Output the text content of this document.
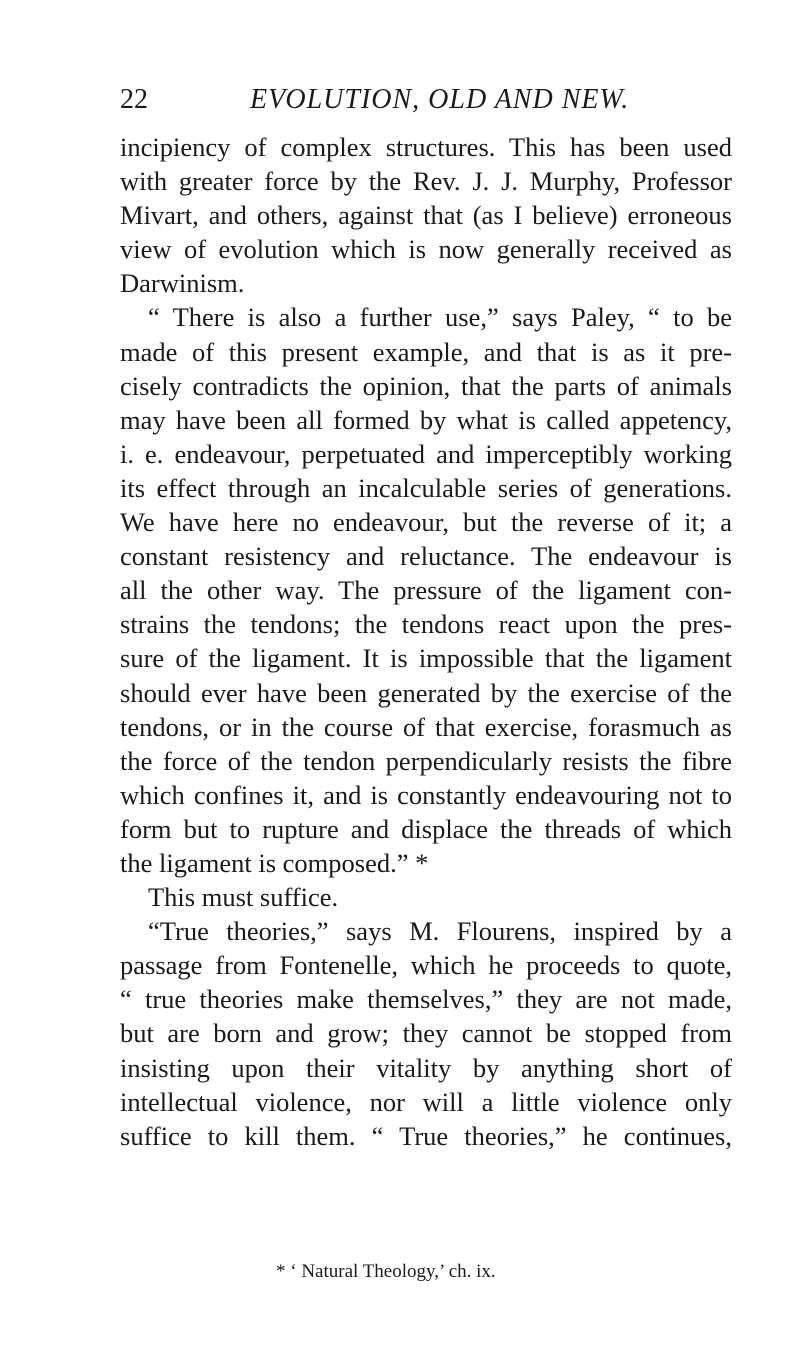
22	EVOLUTION, OLD AND NEW.
incipiency of complex structures. This has been used
with greater force by the Rev. J. J. Murphy, Professor
Mivart, and others, against that (as I believe) erroneous
view of evolution which is now generally received as
Darwinism.
“ There is also a further use,” says Paley, “ to be
made of this present example, and that is as it pre-
cisely contradicts the opinion, that the parts of animals
may have been all formed by what is called appetency,
i. e. endeavour, perpetuated and imperceptibly working
its effect through an incalculable series of generations.
We have here no endeavour, but the reverse of it; a
constant resistency and reluctance. The endeavour is
all the other way. The pressure of the ligament con-
strains the tendons; the tendons react upon the pres-
sure of the ligament. It is impossible that the ligament
should ever have been generated by the exercise of the
tendons, or in the course of that exercise, forasmuch as
the force of the tendon perpendicularly resists the fibre
which confines it, and is constantly endeavouring not to
form but to rupture and displace the threads of which
the ligament is composed.” *
This must suffice.
“True theories,” says M. Flourens, inspired by a
passage from Fontenelle, which he proceeds to quote,
“ true theories make themselves,” they are not made,
but are born and grow; they cannot be stopped from
insisting upon their vitality by anything short of
intellectual violence, nor will a little violence only
suffice to kill them. “ True theories,” he continues,
* ‘ Natural Theology,’ ch. ix.
